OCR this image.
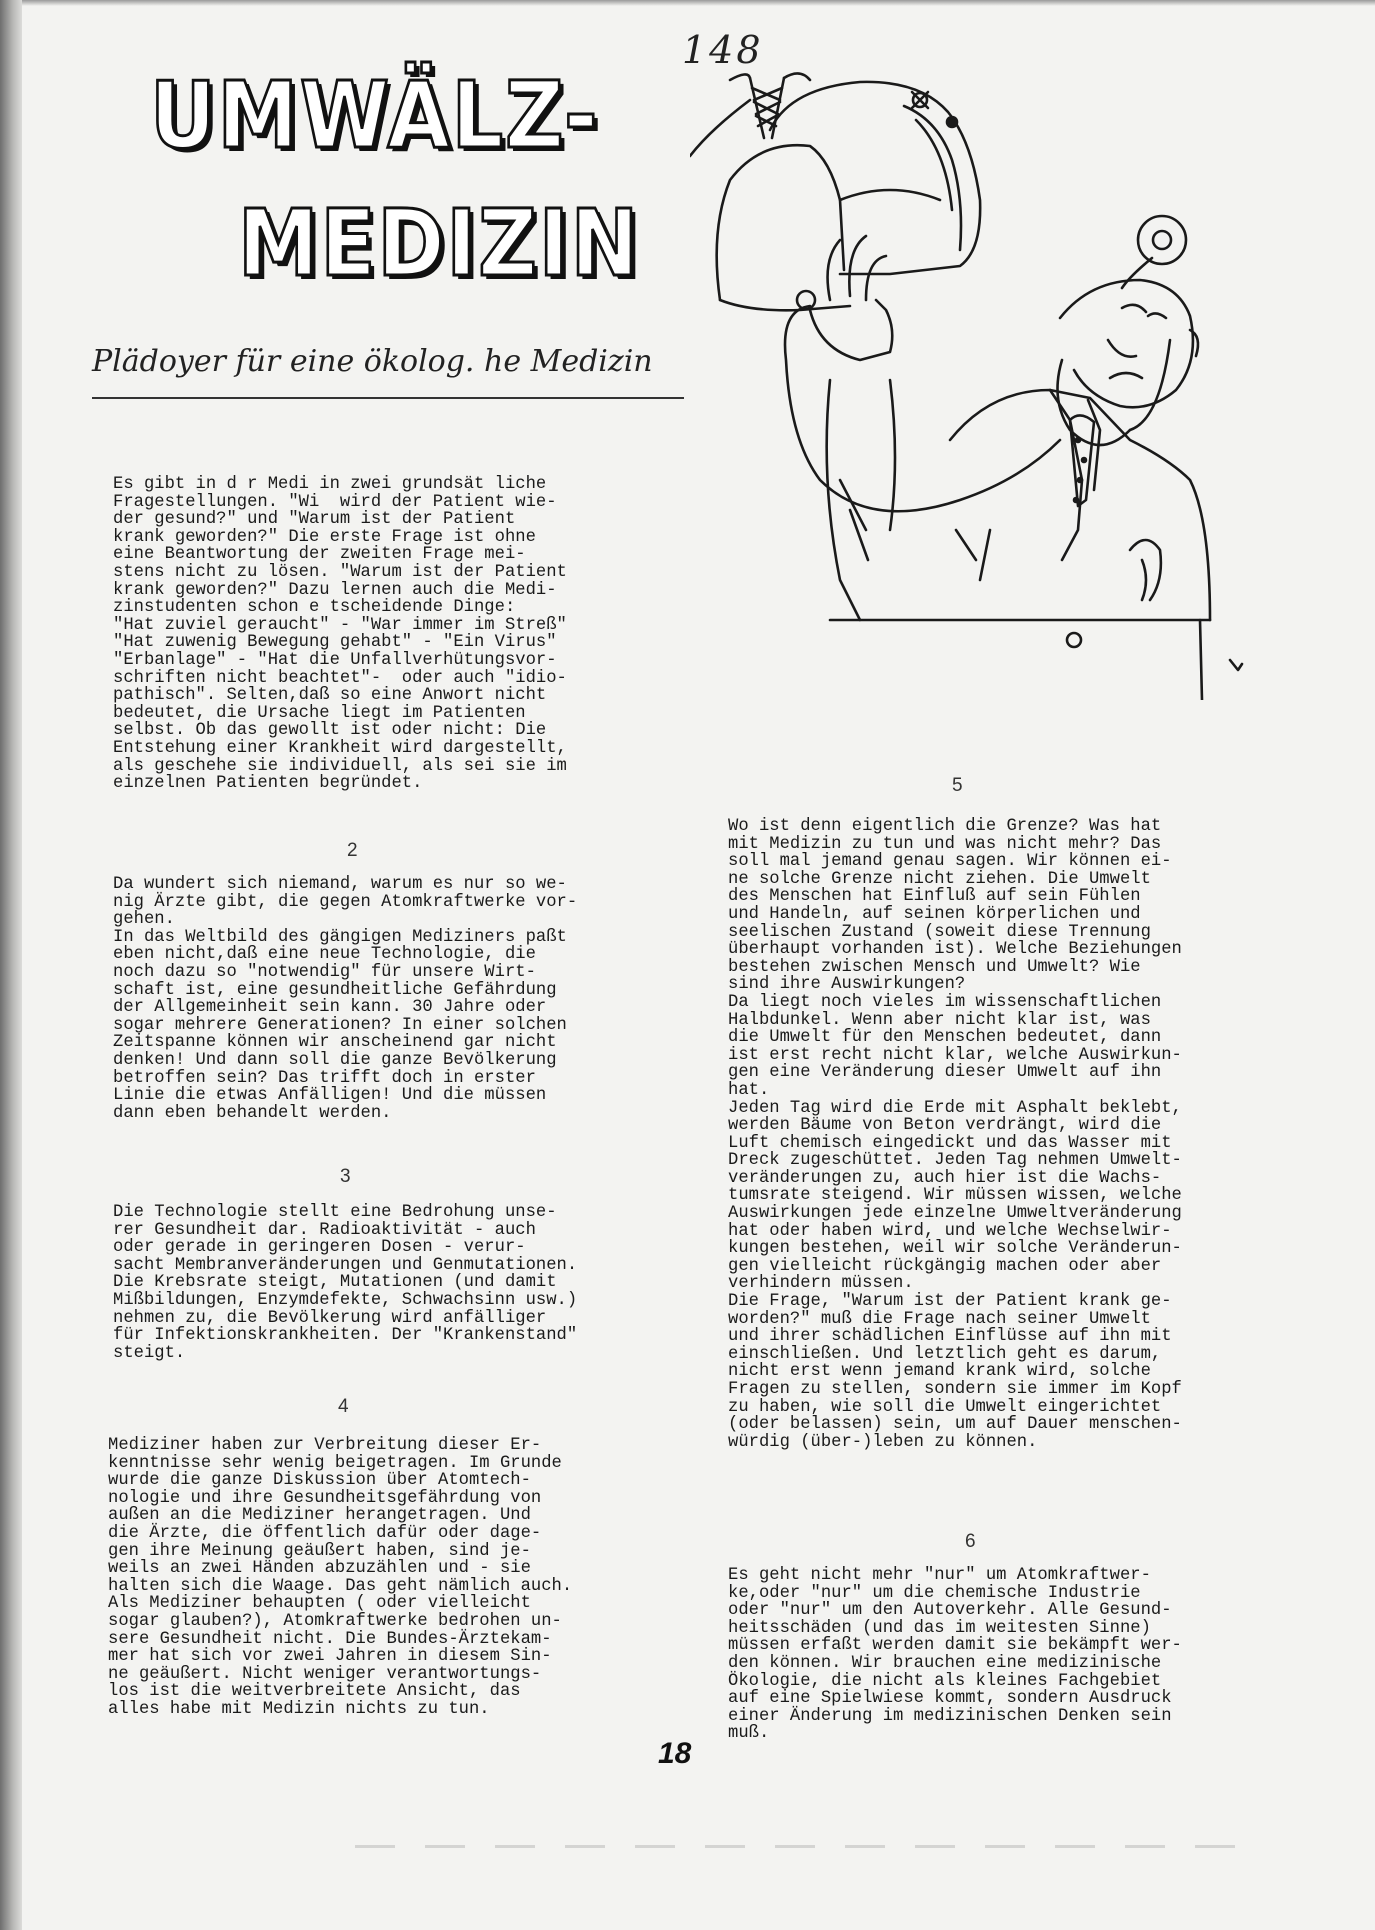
148
UMWÄLZ-
MEDIZIN
Plädoyer für eine ökolog. he Medizin
Es gibt in d r Medi in zwei grundsät liche
Fragestellungen. "Wi  wird der Patient wie-
der gesund?" und "Warum ist der Patient
krank geworden?" Die erste Frage ist ohne
eine Beantwortung der zweiten Frage mei-
stens nicht zu lösen. "Warum ist der Patient
krank geworden?" Dazu lernen auch die Medi-
zinstudenten schon e tscheidende Dinge:
"Hat zuviel geraucht" - "War immer im Streß"
"Hat zuwenig Bewegung gehabt" - "Ein Virus"
"Erbanlage" - "Hat die Unfallverhütungsvor-
schriften nicht beachtet"-  oder auch "idio-
pathisch". Selten,daß so eine Anwort nicht
bedeutet, die Ursache liegt im Patienten
selbst. Ob das gewollt ist oder nicht: Die
Entstehung einer Krankheit wird dargestellt,
als geschehe sie individuell, als sei sie im
einzelnen Patienten begründet.
2
Da wundert sich niemand, warum es nur so we-
nig Ärzte gibt, die gegen Atomkraftwerke vor-
gehen.
In das Weltbild des gängigen Mediziners paßt
eben nicht,daß eine neue Technologie, die
noch dazu so "notwendig" für unsere Wirt-
schaft ist, eine gesundheitliche Gefährdung
der Allgemeinheit sein kann. 30 Jahre oder
sogar mehrere Generationen? In einer solchen
Zeitspanne können wir anscheinend gar nicht
denken! Und dann soll die ganze Bevölkerung
betroffen sein? Das trifft doch in erster
Linie die etwas Anfälligen! Und die müssen
dann eben behandelt werden.
3
Die Technologie stellt eine Bedrohung unse-
rer Gesundheit dar. Radioaktivität - auch
oder gerade in geringeren Dosen - verur-
sacht Membranveränderungen und Genmutationen.
Die Krebsrate steigt, Mutationen (und damit
Mißbildungen, Enzymdefekte, Schwachsinn usw.)
nehmen zu, die Bevölkerung wird anfälliger
für Infektionskrankheiten. Der "Krankenstand"
steigt.
4
Mediziner haben zur Verbreitung dieser Er-
kenntnisse sehr wenig beigetragen. Im Grunde
wurde die ganze Diskussion über Atomtech-
nologie und ihre Gesundheitsgefährdung von
außen an die Mediziner herangetragen. Und
die Ärzte, die öffentlich dafür oder dage-
gen ihre Meinung geäußert haben, sind je-
weils an zwei Händen abzuzählen und - sie
halten sich die Waage. Das geht nämlich auch.
Als Mediziner behaupten ( oder vielleicht
sogar glauben?), Atomkraftwerke bedrohen un-
sere Gesundheit nicht. Die Bundes-Ärztekam-
mer hat sich vor zwei Jahren in diesem Sin-
ne geäußert. Nicht weniger verantwortungs-
los ist die weitverbreitete Ansicht, das
alles habe mit Medizin nichts zu tun.
5
Wo ist denn eigentlich die Grenze? Was hat
mit Medizin zu tun und was nicht mehr? Das
soll mal jemand genau sagen. Wir können ei-
ne solche Grenze nicht ziehen. Die Umwelt
des Menschen hat Einfluß auf sein Fühlen
und Handeln, auf seinen körperlichen und
seelischen Zustand (soweit diese Trennung
überhaupt vorhanden ist). Welche Beziehungen
bestehen zwischen Mensch und Umwelt? Wie
sind ihre Auswirkungen?
Da liegt noch vieles im wissenschaftlichen
Halbdunkel. Wenn aber nicht klar ist, was
die Umwelt für den Menschen bedeutet, dann
ist erst recht nicht klar, welche Auswirkun-
gen eine Veränderung dieser Umwelt auf ihn
hat.
Jeden Tag wird die Erde mit Asphalt beklebt,
werden Bäume von Beton verdrängt, wird die
Luft chemisch eingedickt und das Wasser mit
Dreck zugeschüttet. Jeden Tag nehmen Umwelt-
veränderungen zu, auch hier ist die Wachs-
tumsrate steigend. Wir müssen wissen, welche
Auswirkungen jede einzelne Umweltveränderung
hat oder haben wird, und welche Wechselwir-
kungen bestehen, weil wir solche Veränderun-
gen vielleicht rückgängig machen oder aber
verhindern müssen.
Die Frage, "Warum ist der Patient krank ge-
worden?" muß die Frage nach seiner Umwelt
und ihrer schädlichen Einflüsse auf ihn mit
einschließen. Und letztlich geht es darum,
nicht erst wenn jemand krank wird, solche
Fragen zu stellen, sondern sie immer im Kopf
zu haben, wie soll die Umwelt eingerichtet
(oder belassen) sein, um auf Dauer menschen-
würdig (über-)leben zu können.
6
Es geht nicht mehr "nur" um Atomkraftwer-
ke,oder "nur" um die chemische Industrie
oder "nur" um den Autoverkehr. Alle Gesund-
heitsschäden (und das im weitesten Sinne)
müssen erfaßt werden damit sie bekämpft wer-
den können. Wir brauchen eine medizinische
Ökologie, die nicht als kleines Fachgebiet
auf eine Spielwiese kommt, sondern Ausdruck
einer Änderung im medizinischen Denken sein
muß.
18
